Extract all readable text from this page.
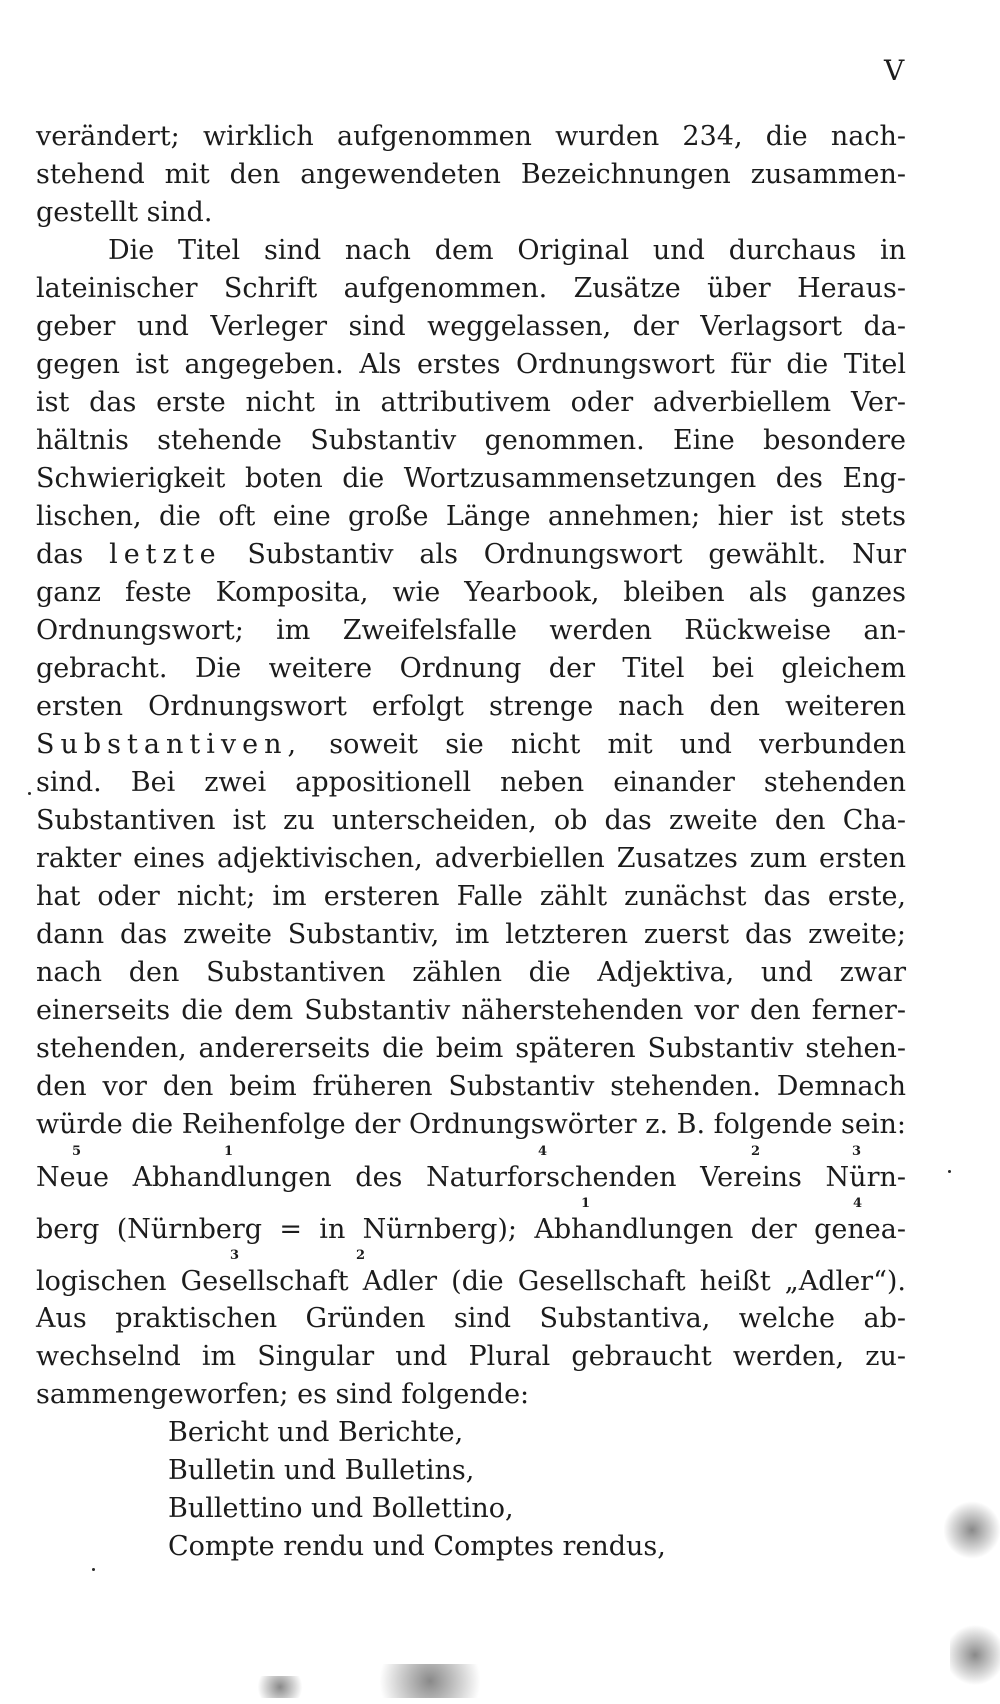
V
verändert; wirklich aufgenommen wurden 234, die nach-
stehend mit den angewendeten Bezeichnungen zusammen-
gestellt sind.
Die Titel sind nach dem Original und durchaus in
lateinischer Schrift aufgenommen. Zusätze über Heraus-
geber und Verleger sind weggelassen, der Verlagsort da-
gegen ist angegeben. Als erstes Ordnungswort für die Titel
ist das erste nicht in attributivem oder adverbiellem Ver-
hältnis stehende Substantiv genommen. Eine besondere
Schwierigkeit boten die Wortzusammensetzungen des Eng-
lischen, die oft eine große Länge annehmen; hier ist stets
das letzte Substantiv als Ordnungswort gewählt. Nur
ganz feste Komposita, wie Yearbook, bleiben als ganzes
Ordnungswort; im Zweifelsfalle werden Rückweise an-
gebracht. Die weitere Ordnung der Titel bei gleichem
ersten Ordnungswort erfolgt strenge nach den weiteren
Substantiven, soweit sie nicht mit und verbunden
sind. Bei zwei appositionell neben einander stehenden
Substantiven ist zu unterscheiden, ob das zweite den Cha-
rakter eines adjektivischen, adverbiellen Zusatzes zum ersten
hat oder nicht; im ersteren Falle zählt zunächst das erste,
dann das zweite Substantiv, im letzteren zuerst das zweite;
nach den Substantiven zählen die Adjektiva, und zwar
einerseits die dem Substantiv näherstehenden vor den ferner-
stehenden, andererseits die beim späteren Substantiv stehen-
den vor den beim früheren Substantiv stehenden. Demnach
würde die Reihenfolge der Ordnungswörter z. B. folgende sein:
5	1	4	2	3
Neue Abhandlungen des Naturforschenden Vereins Nürn-
1	4
berg (Nürnberg = in Nürnberg); Abhandlungen der genea-
3	2
logischen Gesellschaft Adler (die Gesellschaft heißt „Adler“).
Aus praktischen Gründen sind Substantiva, welche ab-
wechselnd im Singular und Plural gebraucht werden, zu-
sammengeworfen; es sind folgende:
Bericht und Berichte,
Bulletin und Bulletins,
Bullettino und Bollettino,
Compte rendu und Comptes rendus,
